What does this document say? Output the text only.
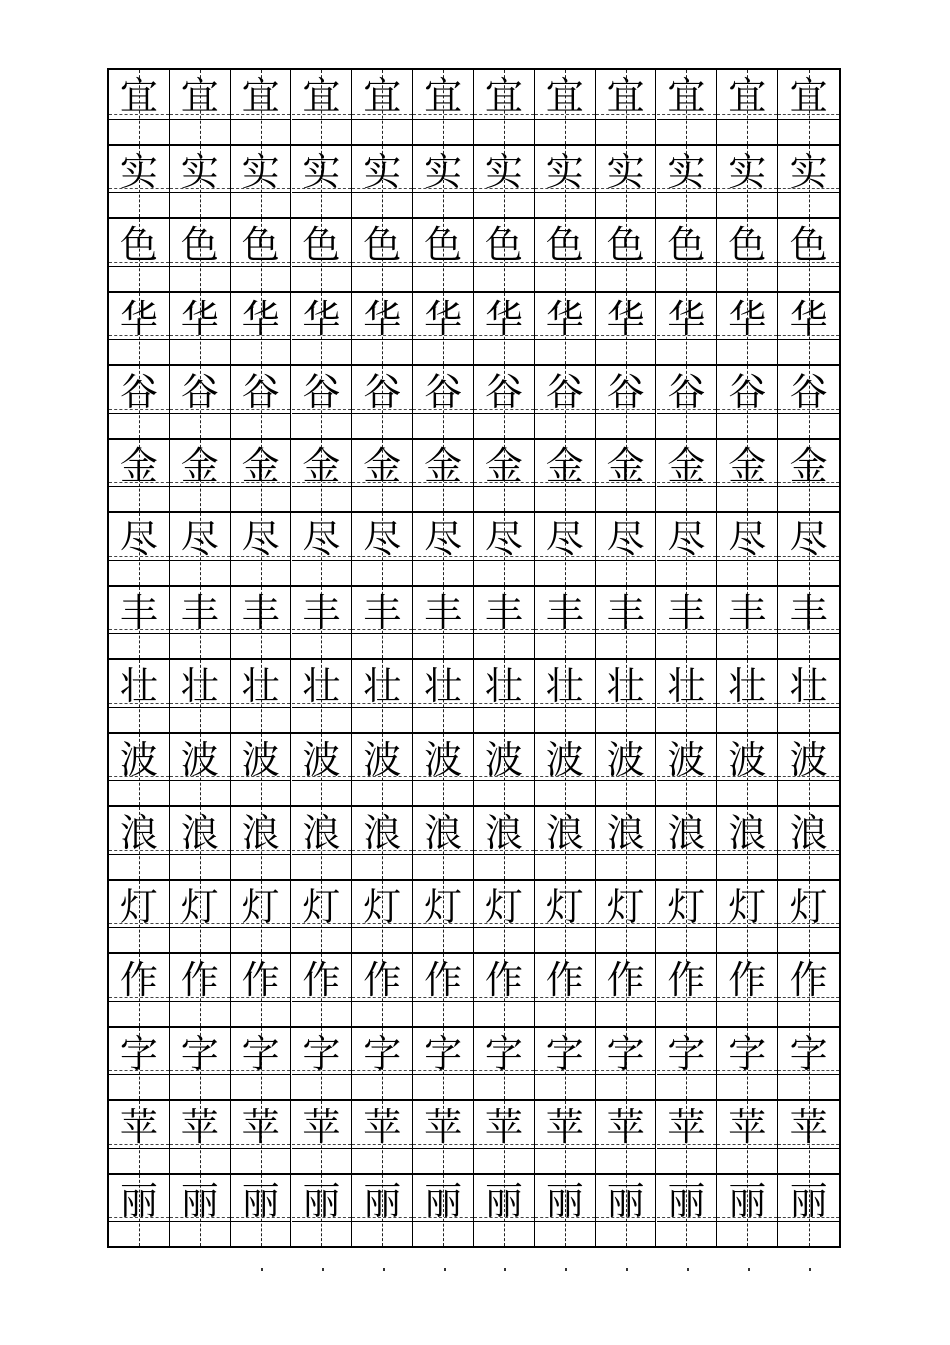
宜 宜 宜 宜 宜 宜 宜 宜 宜 宜 宜 宜
实 实 实 实 实 实 实 实 实 实 实 实
色 色 色 色 色 色 色 色 色 色 色 色
华 华 华 华 华 华 华 华 华 华 华 华
谷 谷 谷 谷 谷 谷 谷 谷 谷 谷 谷 谷
金 金 金 金 金 金 金 金 金 金 金 金
尽 尽 尽 尽 尽 尽 尽 尽 尽 尽 尽 尽
丰 丰 丰 丰 丰 丰 丰 丰 丰 丰 丰 丰
壮 壮 壮 壮 壮 壮 壮 壮 壮 壮 壮 壮
波 波 波 波 波 波 波 波 波 波 波 波
浪 浪 浪 浪 浪 浪 浪 浪 浪 浪 浪 浪
灯 灯 灯 灯 灯 灯 灯 灯 灯 灯 灯 灯
作 作 作 作 作 作 作 作 作 作 作 作
字 字 字 字 字 字 字 字 字 字 字 字
苹 苹 苹 苹 苹 苹 苹 苹 苹 苹 苹 苹
丽 丽 丽 丽 丽 丽 丽 丽 丽 丽 丽 丽
